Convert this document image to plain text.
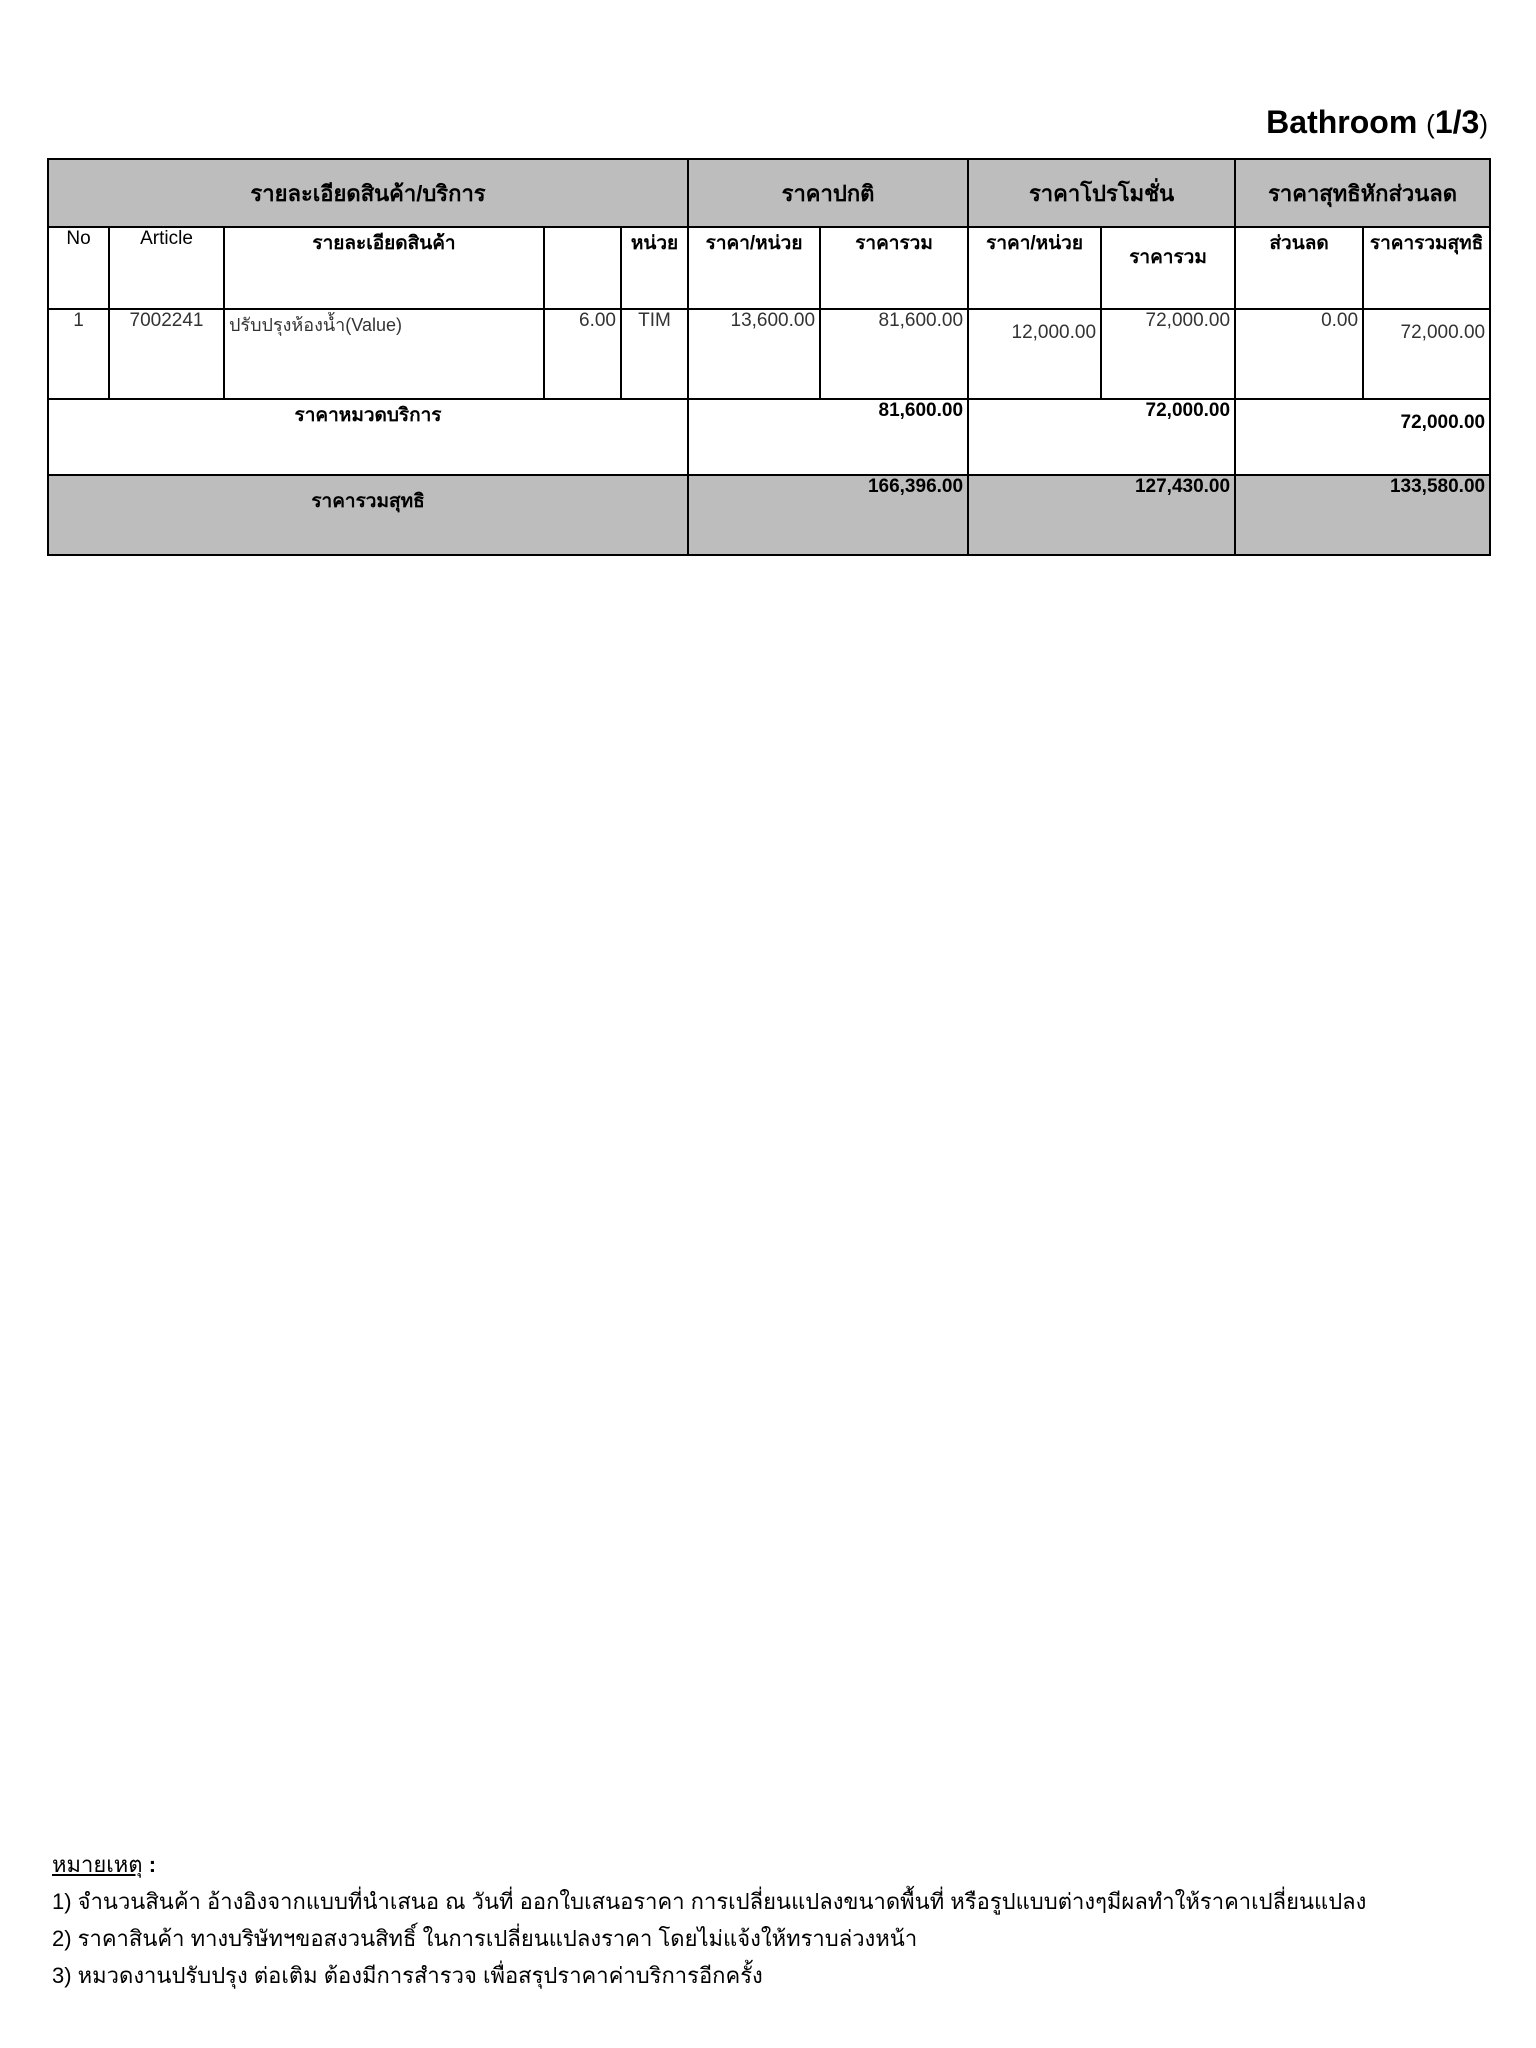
Bathroom (1/3)
รายละเอียดสินค้า/บริการ					ราคาปกติ		ราคาโปรโมชั่น		ราคาสุทธิหักส่วนลด	
No	Article	รายละเอียดสินค้า		หน่วย	ราคา/หน่วย	ราคารวม	ราคา/หน่วย	ราคารวม	ส่วนลด	ราคารวมสุทธิ
1	7002241	ปรับปรุงห้องน้ำ(Value)	6.00	TIM	13,600.00	81,600.00	12,000.00	72,000.00	0.00	72,000.00
ราคาหมวดบริการ					81,600.00		72,000.00		72,000.00	
ราคารวมสุทธิ					166,396.00		127,430.00		133,580.00	
หมายเหตุ :
1) จำนวนสินค้า อ้างอิงจากแบบที่นำเสนอ ณ วันที่ ออกใบเสนอราคา การเปลี่ยนแปลงขนาดพื้นที่ หรือรูปแบบต่างๆมีผลทำให้ราคาเปลี่ยนแปลง
2) ราคาสินค้า ทางบริษัทฯขอสงวนสิทธิ์ ในการเปลี่ยนแปลงราคา โดยไม่แจ้งให้ทราบล่วงหน้า
3) หมวดงานปรับปรุง ต่อเติม ต้องมีการสำรวจ เพื่อสรุปราคาค่าบริการอีกครั้ง
